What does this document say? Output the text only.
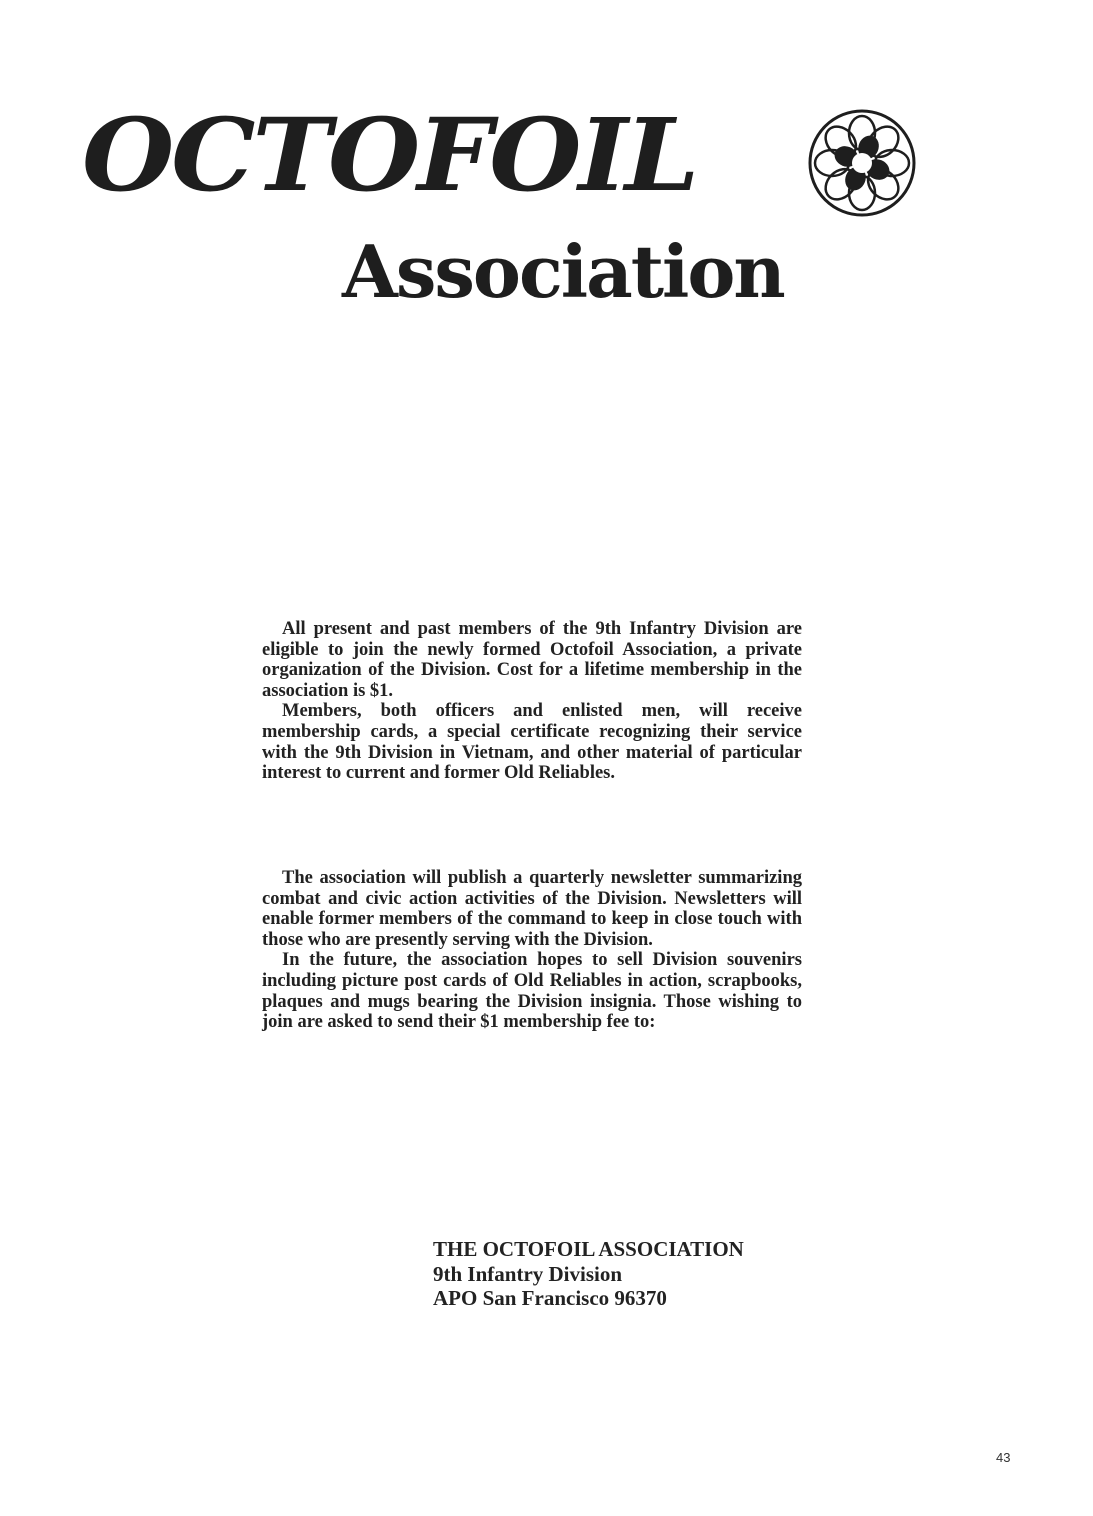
OCTOFOIL
Association

All present and past members of the 9th Infantry Division are eligible to join the newly formed Octofoil Association, a private organization of the Division. Cost for a lifetime membership in the association is $1.

Members, both officers and enlisted men, will receive membership cards, a special certificate recognizing their service with the 9th Division in Vietnam, and other material of particular interest to current and former Old Reliables.

The association will publish a quarterly newsletter summarizing combat and civic action activities of the Division. Newsletters will enable former members of the command to keep in close touch with those who are presently serving with the Division.

In the future, the association hopes to sell Division souvenirs including picture post cards of Old Reliables in action, scrapbooks, plaques and mugs bearing the Division insignia. Those wishing to join are asked to send their $1 membership fee to:

THE OCTOFOIL ASSOCIATION
9th Infantry Division
APO San Francisco 96370
43
